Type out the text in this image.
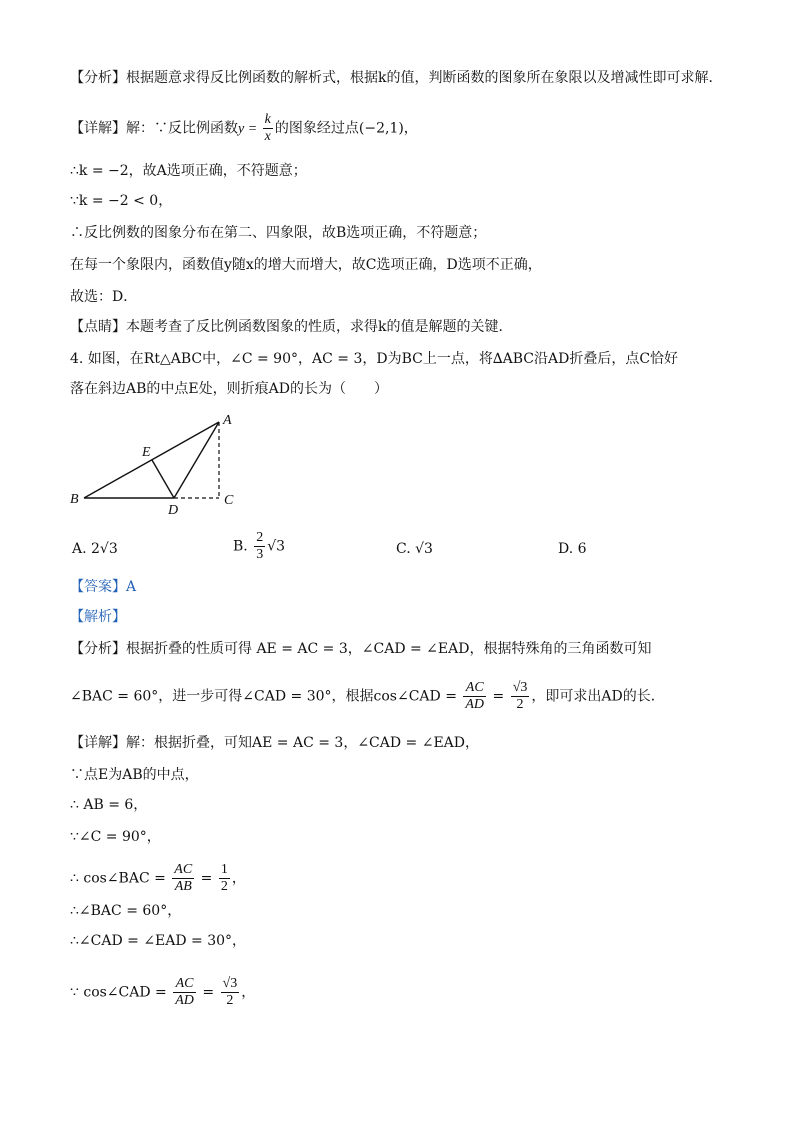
【分析】根据题意求得反比例函数的解析式，根据k的值，判断函数的图象所在象限以及增减性即可求解．
【详解】解：∵反比例函数$y = \frac{k}{x}$ 的图象经过点(−2,1)，
∴k = −2，故A选项正确，不符题意；
∵k = −2 < 0，
∴反比例数的图象分布在第二、四象限，故B选项正确，不符题意；
在每一个象限内，函数值y随x的增大而增大，故C选项正确，D选项不正确，
故选：D．
【点睛】本题考查了反比例函数图象的性质，求得k的值是解题的关键．
4. 如图，在Rt△ABC中，∠C = 90°，AC = 3，D为BC上一点，将∆ABC沿AD折叠后，点C恰好
落在斜边AB的中点E处，则折痕AD的长为（　　）
A
B	C
D
E
A. 2√3	B. $\frac{2}{3} √3$	C. √3	D. 6
【答案】A
【解析】
【分析】根据折叠的性质可得 AE = AC = 3，∠CAD = ∠EAD，根据特殊角的三角函数可知
∠BAC = 60°，进一步可得∠CAD = 30°，根据cos∠CAD = $\frac{AC}{AD} = \frac{√3}{2}$ ，即可求出AD的长．
【详解】解：根据折叠，可知AE = AC = 3，∠CAD = ∠EAD，
∵点E为AB的中点，
∴ AB = 6，
∵∠C = 90°，
∴ cos∠BAC = $\frac{AC}{AB} = \frac{1}{2}$ ，
∴∠BAC = 60°，
∴∠CAD = ∠EAD = 30°，
∵ cos∠CAD = $\frac{AC}{AD} = \frac{√3}{2}$ ，
